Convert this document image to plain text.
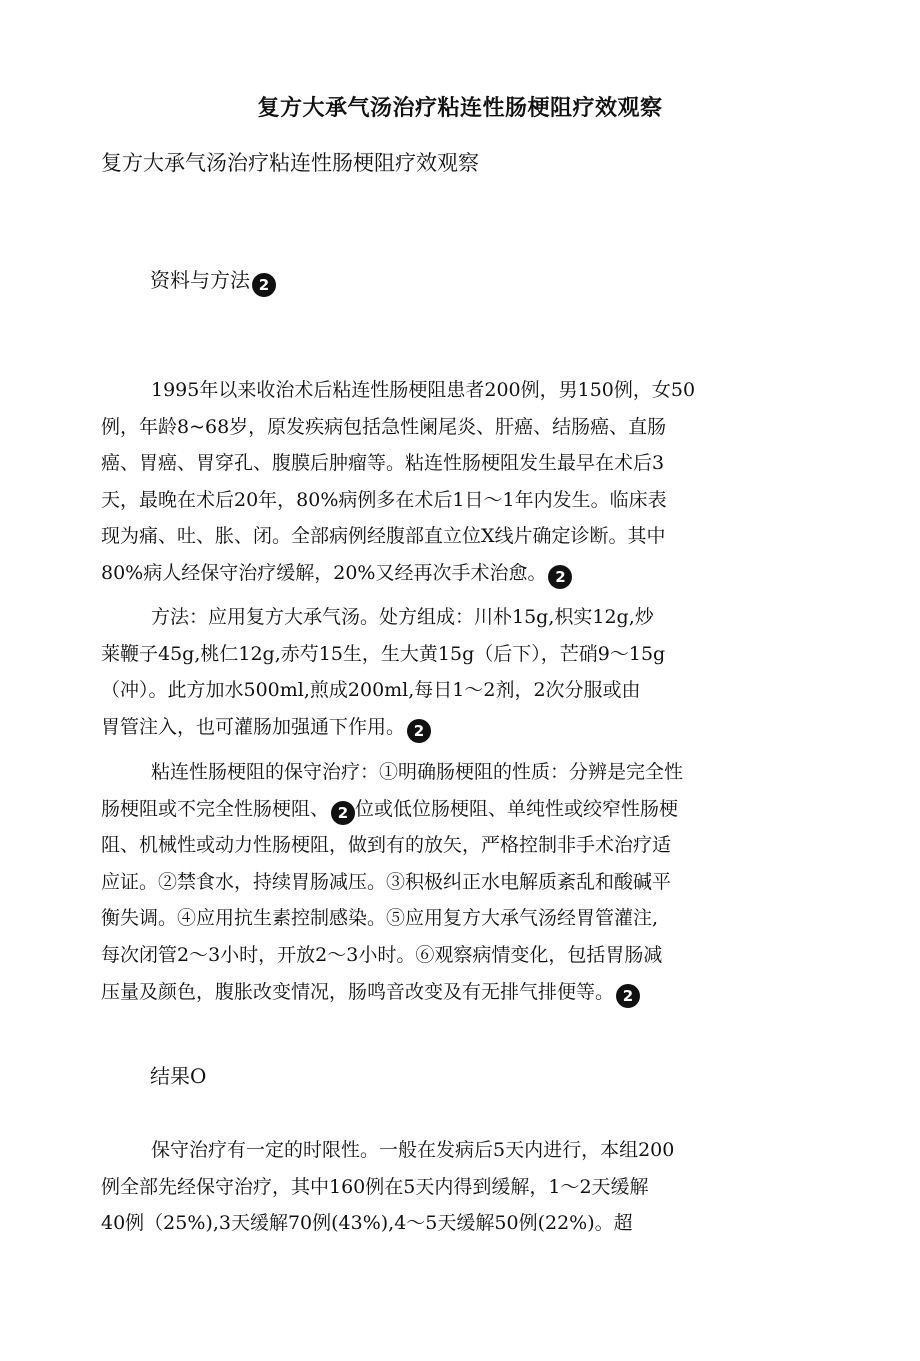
复方大承气汤治疗粘连性肠梗阻疗效观察

复方大承气汤治疗粘连性肠梗阻疗效观察

资料与方法 2

1995年以来收治术后粘连性肠梗阻患者200例，男150例，女50
例，年龄8~68岁，原发疾病包括急性阑尾炎、肝癌、结肠癌、直肠
癌、胃癌、胃穿孔、腹膜后肿瘤等。粘连性肠梗阻发生最早在术后3
天，最晚在术后20年，80%病例多在术后1日～1年内发生。临床表
现为痛、吐、胀、闭。全部病例经腹部直立位X线片确定诊断。其中
80%病人经保守治疗缓解，20%又经再次手术治愈。 2
方法：应用复方大承气汤。处方组成：川朴15g,枳实12g,炒
莱鞭子45g,桃仁12g,赤芍15生，生大黄15g（后下），芒硝9～15g
（冲）。此方加水500ml,煎成200ml,每日1～2剂，2次分服或由
胃管注入，也可灌肠加强通下作用。 2
粘连性肠梗阻的保守治疗：①明确肠梗阻的性质：分辨是完全性
肠梗阻或不完全性肠梗阻、 2 位或低位肠梗阻、单纯性或绞窄性肠梗
阻、机械性或动力性肠梗阻，做到有的放矢，严格控制非手术治疗适
应证。②禁食水，持续胃肠减压。③积极纠正水电解质紊乱和酸碱平
衡失调。④应用抗生素控制感染。⑤应用复方大承气汤经胃管灌注,
每次闭管2～3小时，开放2～3小时。⑥观察病情变化，包括胃肠减
压量及颜色，腹胀改变情况，肠鸣音改变及有无排气排便等。 2

结果O

保守治疗有一定的时限性。一般在发病后5天内进行，本组200
例全部先经保守治疗，其中160例在5天内得到缓解，1～2天缓解
40例（25%),3天缓解70例(43%),4～5天缓解50例(22%)。超
